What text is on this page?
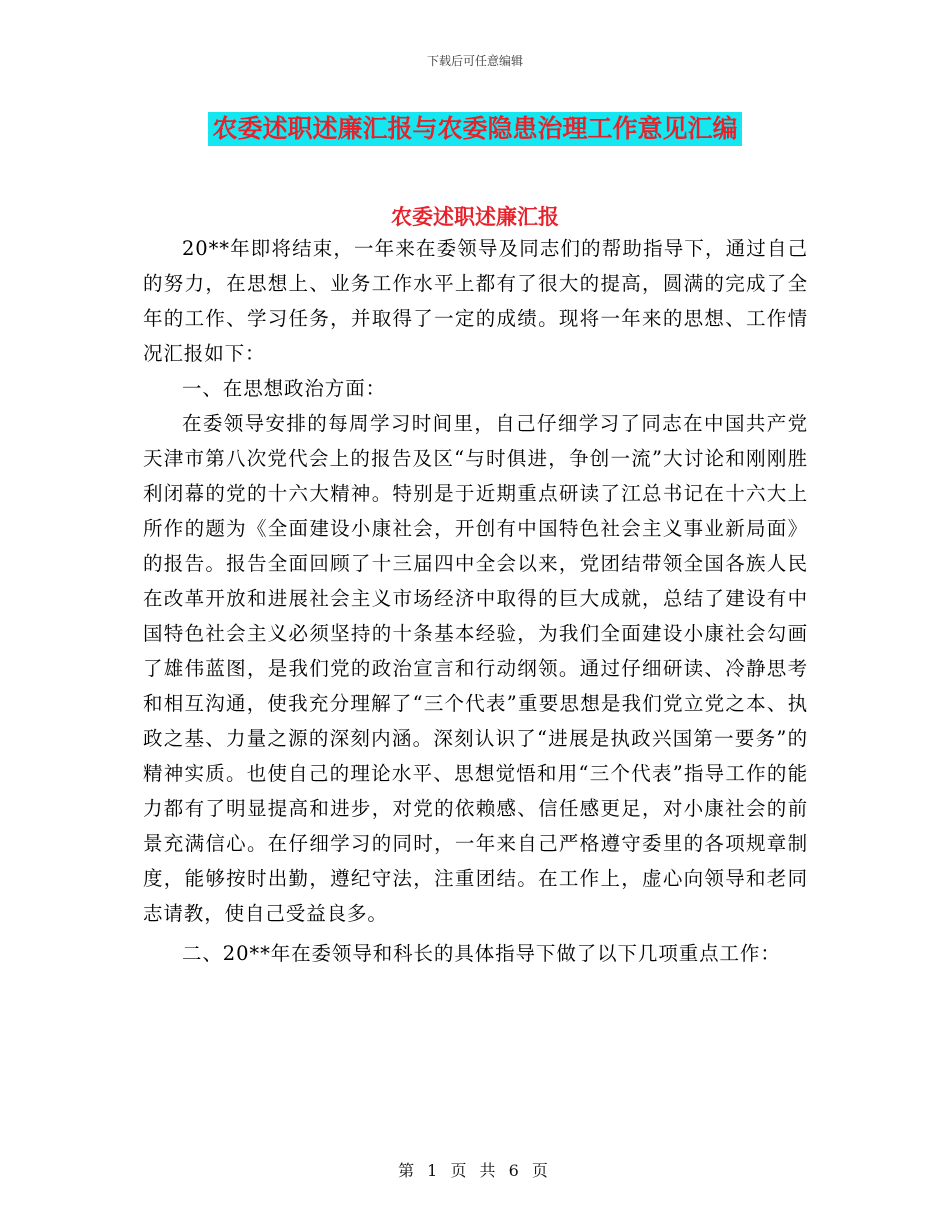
下载后可任意编辑
农委述职述廉汇报与农委隐患治理工作意见汇编
农委述职述廉汇报

20**年即将结束，一年来在委领导及同志们的帮助指导下，通过自己的努力，在思想上、业务工作水平上都有了很大的提高，圆满的完成了全年的工作、学习任务，并取得了一定的成绩。现将一年来的思想、工作情况汇报如下：

一、在思想政治方面：

在委领导安排的每周学习时间里，自己仔细学习了同志在中国共产党天津市第八次党代会上的报告及区“与时俱进，争创一流”大讨论和刚刚胜利闭幕的党的十六大精神。特别是于近期重点研读了江总书记在十六大上所作的题为《全面建设小康社会，开创有中国特色社会主义事业新局面》的报告。报告全面回顾了十三届四中全会以来，党团结带领全国各族人民在改革开放和进展社会主义市场经济中取得的巨大成就，总结了建设有中国特色社会主义必须坚持的十条基本经验，为我们全面建设小康社会勾画了雄伟蓝图，是我们党的政治宣言和行动纲领。通过仔细研读、冷静思考和相互沟通，使我充分理解了“三个代表”重要思想是我们党立党之本、执政之基、力量之源的深刻内涵。深刻认识了“进展是执政兴国第一要务”的精神实质。也使自己的理论水平、思想觉悟和用“三个代表”指导工作的能力都有了明显提高和进步，对党的依赖感、信任感更足，对小康社会的前景充满信心。在仔细学习的同时，一年来自己严格遵守委里的各项规章制度，能够按时出勤，遵纪守法，注重团结。在工作上，虚心向领导和老同志请教，使自己受益良多。

二、20**年在委领导和科长的具体指导下做了以下几项重点工作：

第 1 页 共 6 页
